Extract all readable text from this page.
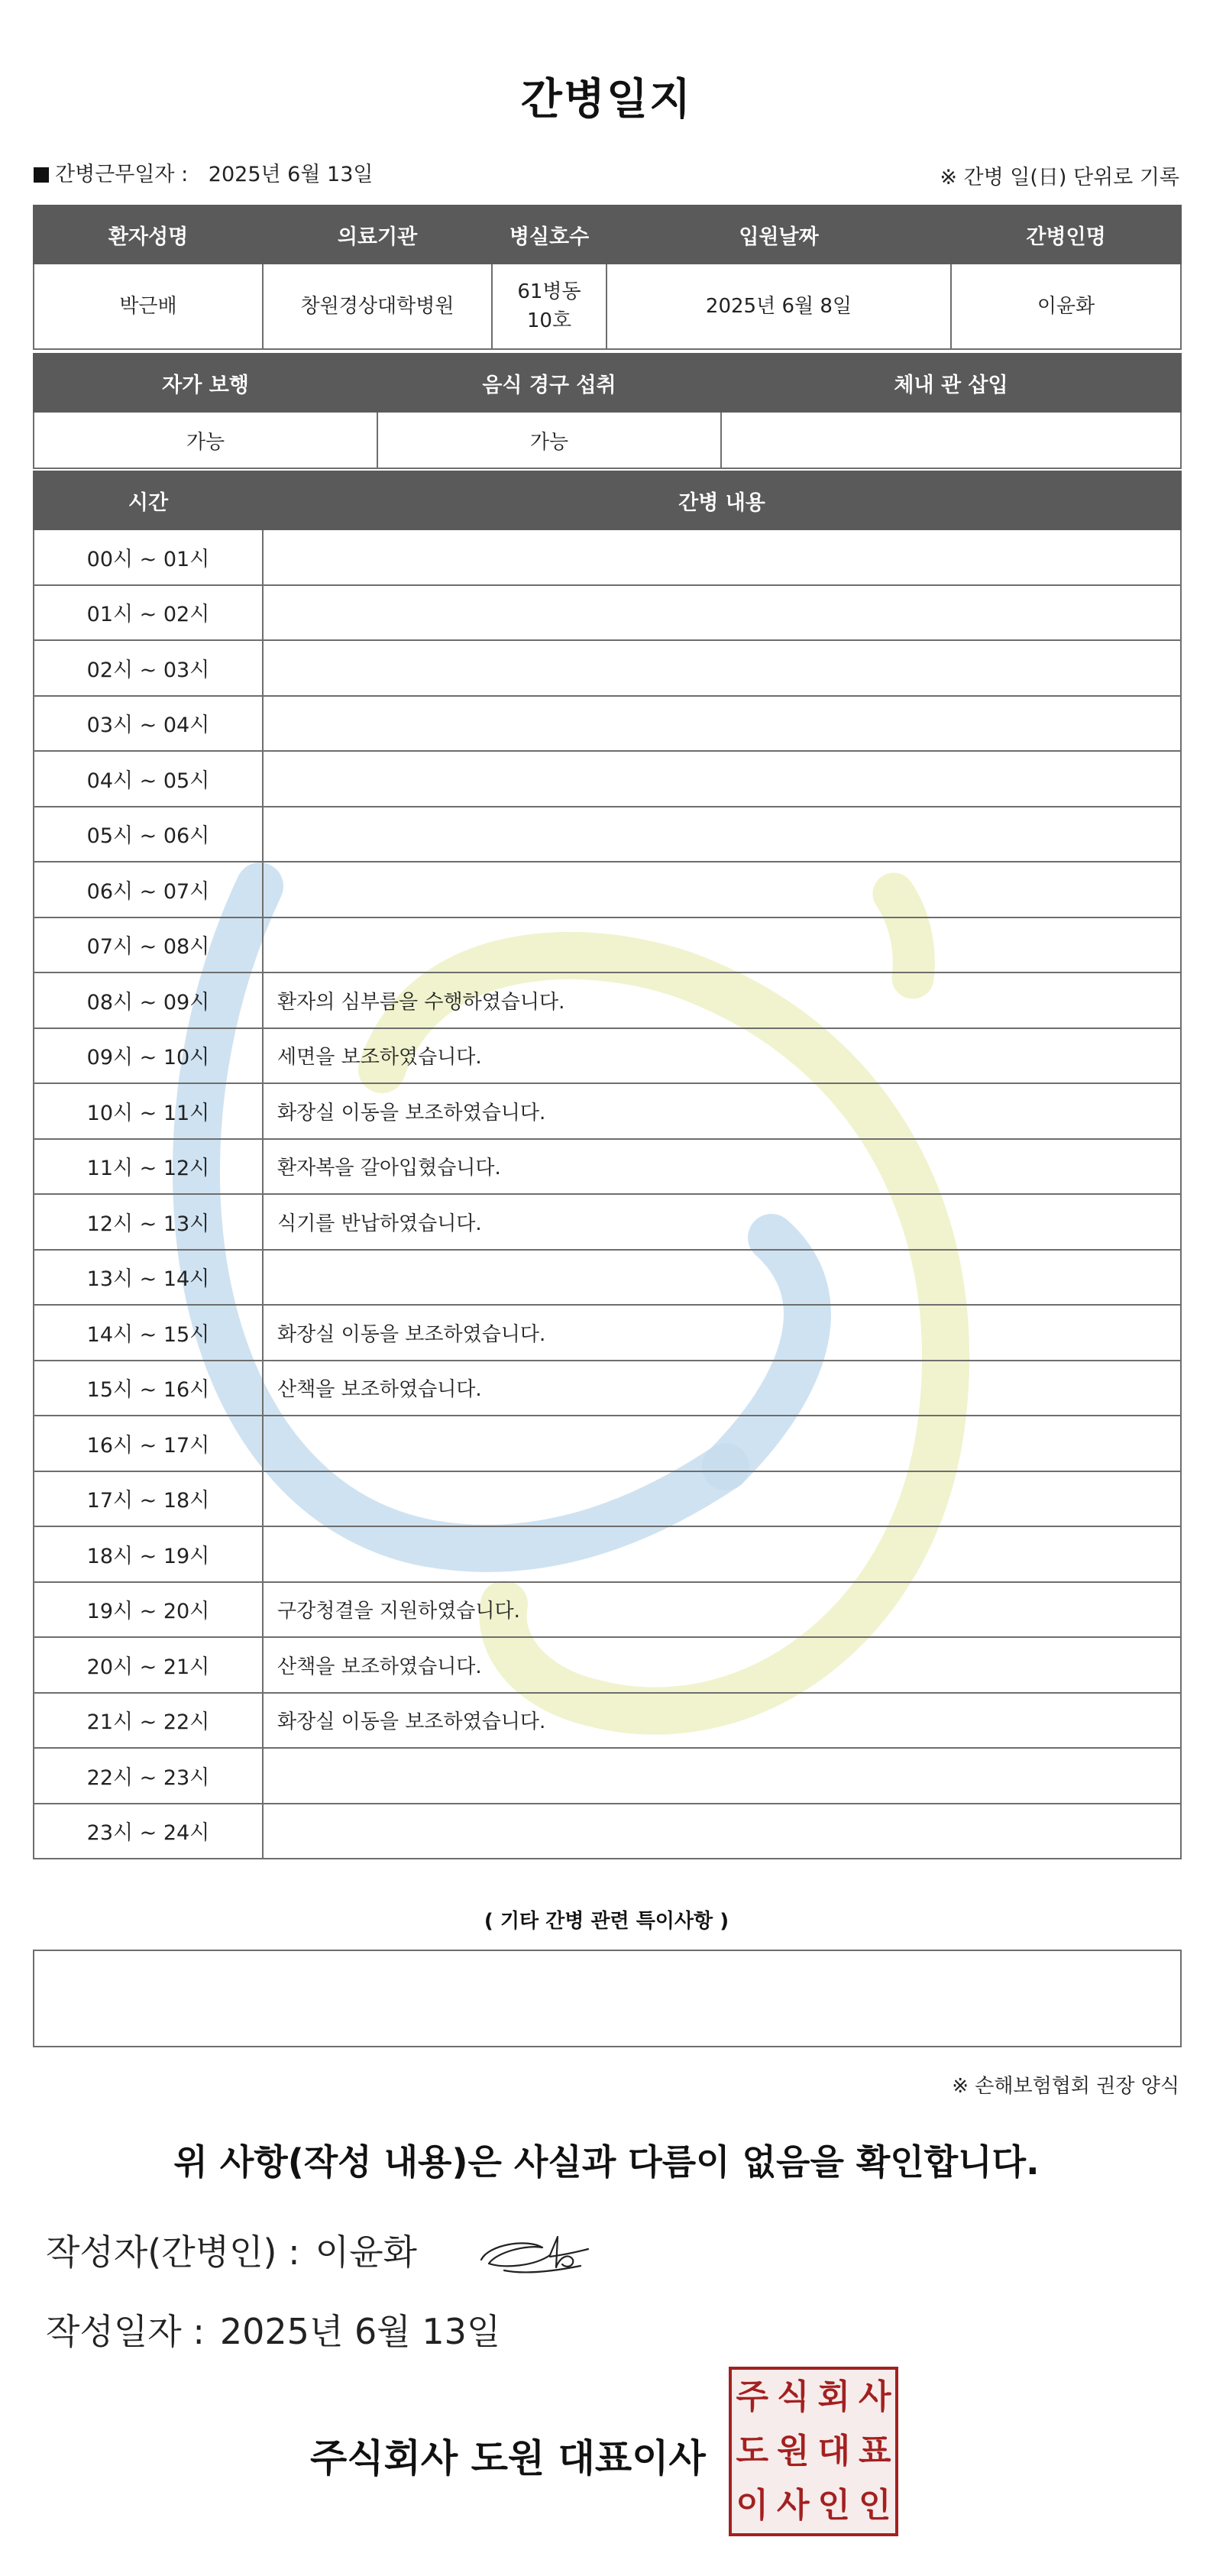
간병일지
간병근무일자 : 2025년 6월 13일	※ 간병 일(日) 단위로 기록
환자성명	의료기관	병실호수	입원날짜	간병인명
박근배	창원경상대학병원	61병동10호	2025년 6월 8일	이윤화
자가 보행	음식 경구 섭취	체내 관 삽입
가능	가능	
시간	간병 내용
00시 ~ 01시	
01시 ~ 02시	
02시 ~ 03시	
03시 ~ 04시	
04시 ~ 05시	
05시 ~ 06시	
06시 ~ 07시	
07시 ~ 08시	
08시 ~ 09시	환자의 심부름을 수행하였습니다.
09시 ~ 10시	세면을 보조하였습니다.
10시 ~ 11시	화장실 이동을 보조하였습니다.
11시 ~ 12시	환자복을 갈아입혔습니다.
12시 ~ 13시	식기를 반납하였습니다.
13시 ~ 14시	
14시 ~ 15시	화장실 이동을 보조하였습니다.
15시 ~ 16시	산책을 보조하였습니다.
16시 ~ 17시	
17시 ~ 18시	
18시 ~ 19시	
19시 ~ 20시	구강청결을 지원하였습니다.
20시 ~ 21시	산책을 보조하였습니다.
21시 ~ 22시	화장실 이동을 보조하였습니다.
22시 ~ 23시	
23시 ~ 24시	
( 기타 간병 관련 특이사항 )
※ 손해보험협회 권장 양식
위 사항(작성 내용)은 사실과 다름이 없음을 확인합니다.
작성자(간병인) : 이윤화
작성일자 : 2025년 6월 13일
주식회사 도원 대표이사
주 식 회 사
도 원 대 표
이 사 인 인
